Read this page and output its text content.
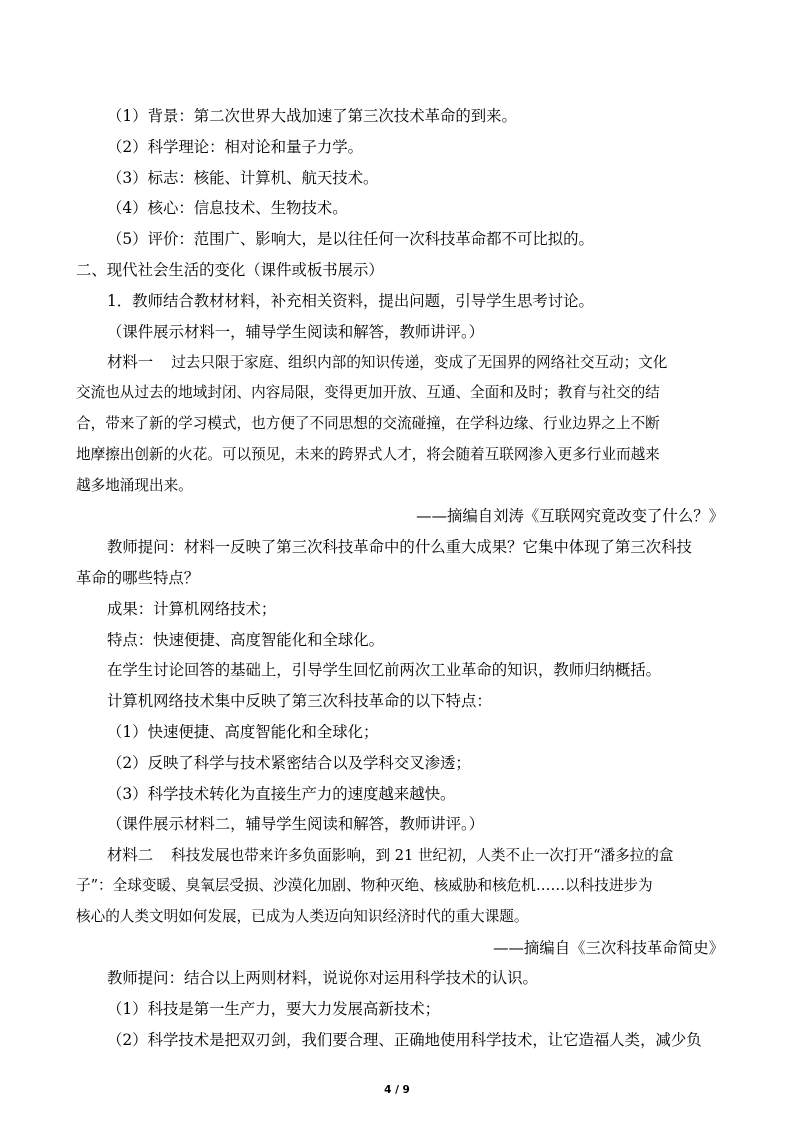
（1）背景：第二次世界大战加速了第三次技术革命的到来。
（2）科学理论：相对论和量子力学。
（3）标志：核能、计算机、航天技术。
（4）核心：信息技术、生物技术。
（5）评价：范围广、影响大，是以往任何一次科技革命都不可比拟的。
二、现代社会生活的变化（课件或板书展示）
1．教师结合教材材料，补充相关资料，提出问题，引导学生思考讨论。
（课件展示材料一，辅导学生阅读和解答，教师讲评。）
材料一 过去只限于家庭、组织内部的知识传递，变成了无国界的网络社交互动；文化
交流也从过去的地域封闭、内容局限，变得更加开放、互通、全面和及时；教育与社交的结
合，带来了新的学习模式，也方便了不同思想的交流碰撞，在学科边缘、行业边界之上不断
地摩擦出创新的火花。可以预见，未来的跨界式人才，将会随着互联网渗入更多行业而越来
越多地涌现出来。
——摘编自刘涛《互联网究竟改变了什么？》
教师提问：材料一反映了第三次科技革命中的什么重大成果？它集中体现了第三次科技
革命的哪些特点？
成果：计算机网络技术；
特点：快速便捷、高度智能化和全球化。
在学生讨论回答的基础上，引导学生回忆前两次工业革命的知识，教师归纳概括。
计算机网络技术集中反映了第三次科技革命的以下特点：
（1）快速便捷、高度智能化和全球化；
（2）反映了科学与技术紧密结合以及学科交叉渗透；
（3）科学技术转化为直接生产力的速度越来越快。
（课件展示材料二，辅导学生阅读和解答，教师讲评。）
材料二 科技发展也带来许多负面影响，到 21 世纪初，人类不止一次打开“潘多拉的盒
子”：全球变暖、臭氧层受损、沙漠化加剧、物种灭绝、核威胁和核危机……以科技进步为
核心的人类文明如何发展，已成为人类迈向知识经济时代的重大课题。
——摘编自《三次科技革命简史》
教师提问：结合以上两则材料，说说你对运用科学技术的认识。
（1）科技是第一生产力，要大力发展高新技术；
（2）科学技术是把双刃剑，我们要合理、正确地使用科学技术，让它造福人类，减少负
4 / 9
